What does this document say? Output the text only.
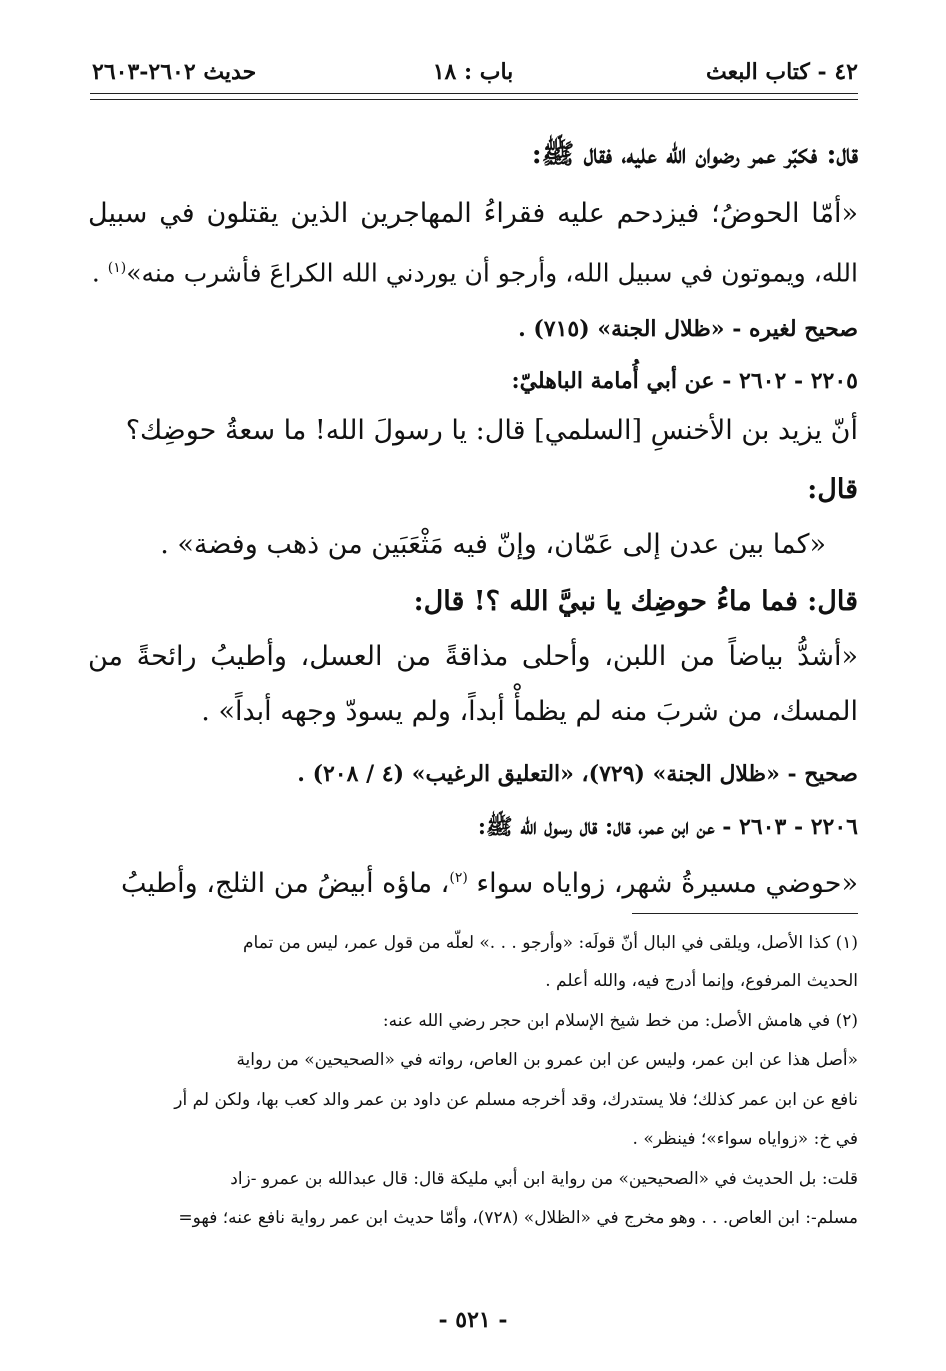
٤٢ - كتاب البعث
باب : ١٨
حديث ٢٦٠٢-٢٦٠٣
قال: فكبّر عمر رضوان الله عليه، فقال ﷺ:
«أمّا الحوضُ؛ فيزدحم عليه فقراءُ المهاجرين الذين يقتلون في سبيل
الله، ويموتون في سبيل الله، وأرجو أن يوردني الله الكراعَ فأشرب منه»$^{(١)}$ .
صحيح لغيره - «ظلال الجنة» (٧١٥) .
٢٢٠٥ - ٢٦٠٢ - عن أبي أُمامة الباهليّ:
أنّ يزيد بن الأخنسِ [السلمي] قال: يا رسولَ الله! ما سعةُ حوضِك؟
قال:
«كما بين عدن إلى عَمّان، وإنّ فيه مَثْعَبَين من ذهب وفضة» .
قال: فما ماءُ حوضِك يا نبيَّ الله ؟! قال:
«أشدُّ بياضاً من اللبن، وأحلى مذاقةً من العسل، وأطيبُ رائحةً من
المسك، من شربَ منه لم يظمأْ أبداً، ولم يسودّ وجهه أبداً» .
صحيح - «ظلال الجنة» (٧٢٩)، «التعليق الرغيب» (٤ / ٢٠٨) .
٢٢٠٦ - ٢٦٠٣ - عن ابن عمر، قال: قال رسول الله ﷺ:
«حوضي مسيرةُ شهر، زواياه سواء $^{(٢)}$، ماؤه أبيضُ من الثلج، وأطيبُ
(١) كذا الأصل، ويلقى في البال أنّ قولَه: «وأرجو . . .» لعلّه من قول عمر، ليس من تمام
الحديث المرفوع، وإنما أدرج فيه، والله أعلم .
(٢) في هامش الأصل: من خط شيخ الإسلام ابن حجر رضي الله عنه:
«أصل هذا عن ابن عمر، وليس عن ابن عمرو بن العاص، رواته في «الصحيحين» من رواية
نافع عن ابن عمر كذلك؛ فلا يستدرك، وقد أخرجه مسلم عن داود بن عمر والد كعب بها، ولكن لم أر
في خ: «زواياه سواء»؛ فينظر» .
قلت: بل الحديث في «الصحيحين» من رواية ابن أبي مليكة قال: قال عبدالله بن عمرو -زاد
مسلم-: ابن العاص. . . وهو مخرج في «الظلال» (٧٢٨)، وأمّا حديث ابن عمر رواية نافع عنه؛ فهو=
- ٥٢١ -
